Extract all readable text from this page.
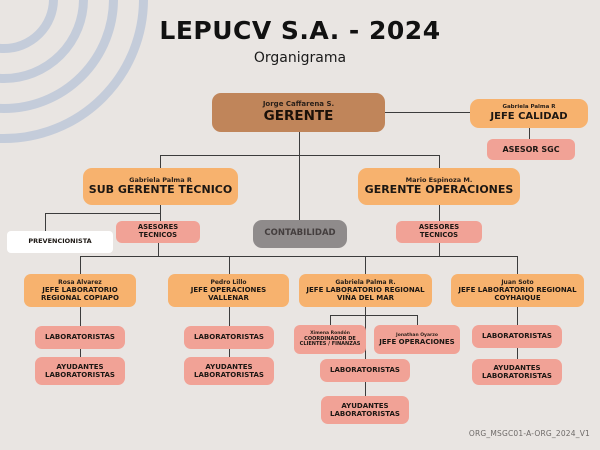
LEPUCV S.A. - 2024
Organigrama
Jorge Caffarena S.
GERENTE
Gabriela Palma R
JEFE CALIDAD
ASESOR SGC
Gabriela Palma R
SUB GERENTE TECNICO
Mario Espinoza M.
GERENTE OPERACIONES
PREVENCIONISTA
ASESORES TECNICOS	CONTABILIDAD
ASESORES TECNICOS
Rosa Alvarez
JEFE LABORATORIO REGIONAL COPIAPO
Pedro Lillo
JEFE OPERACIONES VALLENAR
Gabriela Palma R.
JEFE LABORATORIO REGIONAL VIÑA DEL MAR
Juan Soto
JEFE LABORATORIO REGIONAL COYHAIQUE
LABORATORISTAS
AYUDANTES LABORATORISTAS
LABORATORISTAS
AYUDANTES LABORATORISTAS
Ximena Rondón
COORDINADOR DE CLIENTES / FINANZAS
Jonathan Oyarzo
JEFE OPERACIONES
LABORATORISTAS
AYUDANTES LABORATORISTAS
LABORATORISTAS
AYUDANTES LABORATORISTAS
ORG_MSGC01-A-ORG_2024_V1
